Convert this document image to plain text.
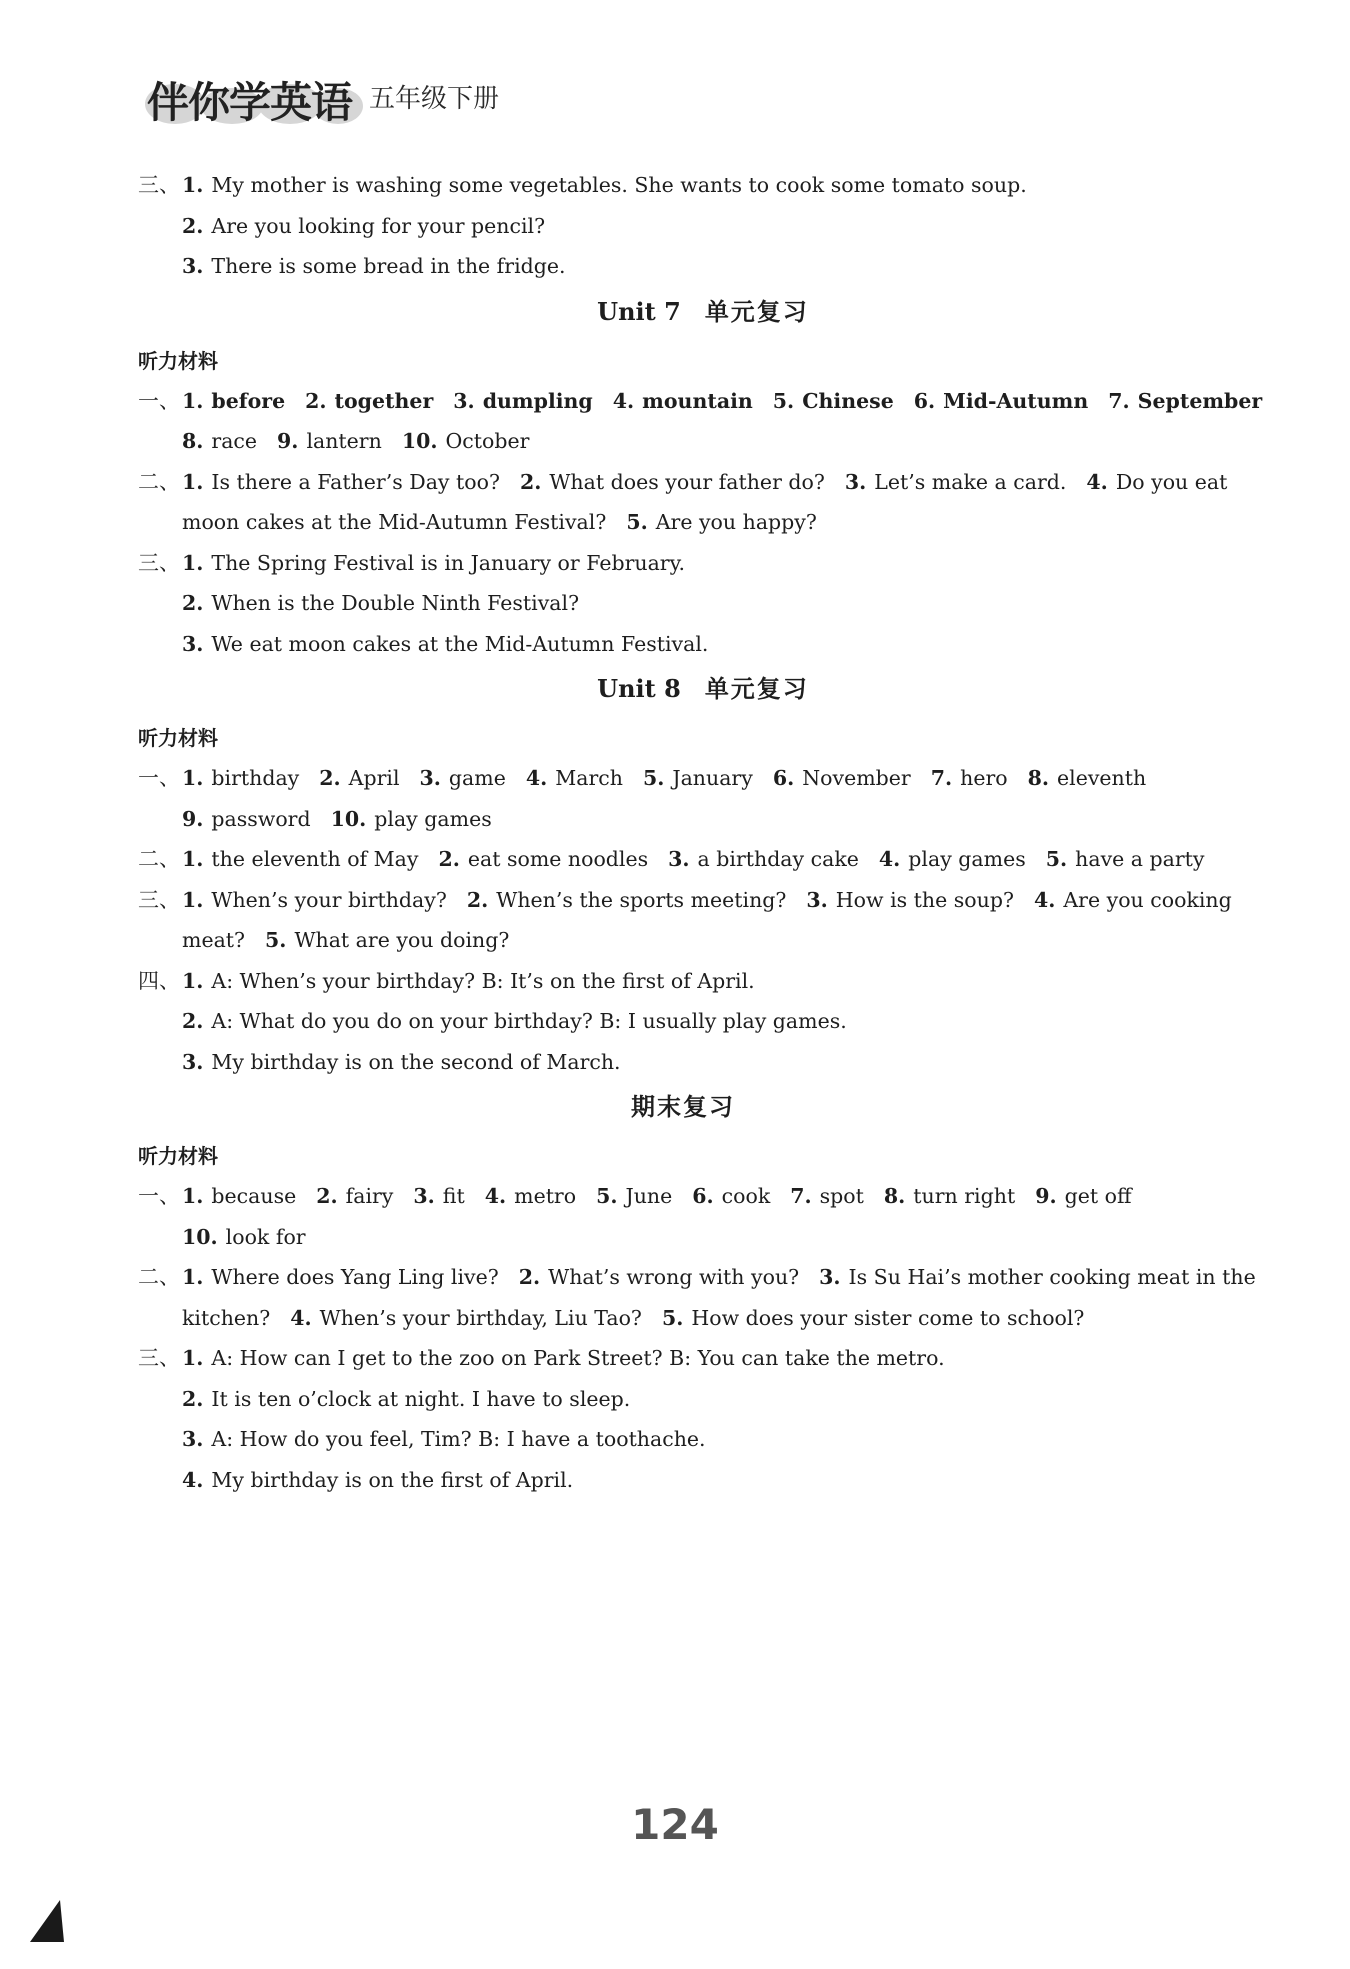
伴你学英语 五年级下册
三、1. My mother is washing some vegetables. She wants to cook some tomato soup.
2. Are you looking for your pencil?
3. There is some bread in the fridge.
Unit 7 单元复习
听力材料
一、1. before 2. together 3. dumpling 4. mountain 5. Chinese 6. Mid-Autumn 7. September
8. race 9. lantern 10. October
二、1. Is there a Father’s Day too? 2. What does your father do? 3. Let’s make a card. 4. Do you eat
moon cakes at the Mid-Autumn Festival? 5. Are you happy?
三、1. The Spring Festival is in January or February.
2. When is the Double Ninth Festival?
3. We eat moon cakes at the Mid-Autumn Festival.
Unit 8 单元复习
听力材料
一、1. birthday 2. April 3. game 4. March 5. January 6. November 7. hero 8. eleventh
9. password 10. play games
二、1. the eleventh of May 2. eat some noodles 3. a birthday cake 4. play games 5. have a party
三、1. When’s your birthday? 2. When’s the sports meeting? 3. How is the soup? 4. Are you cooking
meat? 5. What are you doing?
四、1. A: When’s your birthday? B: It’s on the first of April.
2. A: What do you do on your birthday? B: I usually play games.
3. My birthday is on the second of March.
期末复习
听力材料
一、1. because 2. fairy 3. fit 4. metro 5. June 6. cook 7. spot 8. turn right 9. get off
10. look for
二、1. Where does Yang Ling live? 2. What’s wrong with you? 3. Is Su Hai’s mother cooking meat in the
kitchen? 4. When’s your birthday, Liu Tao? 5. How does your sister come to school?
三、1. A: How can I get to the zoo on Park Street? B: You can take the metro.
2. It is ten o’clock at night. I have to sleep.
3. A: How do you feel, Tim? B: I have a toothache.
4. My birthday is on the first of April.
124
